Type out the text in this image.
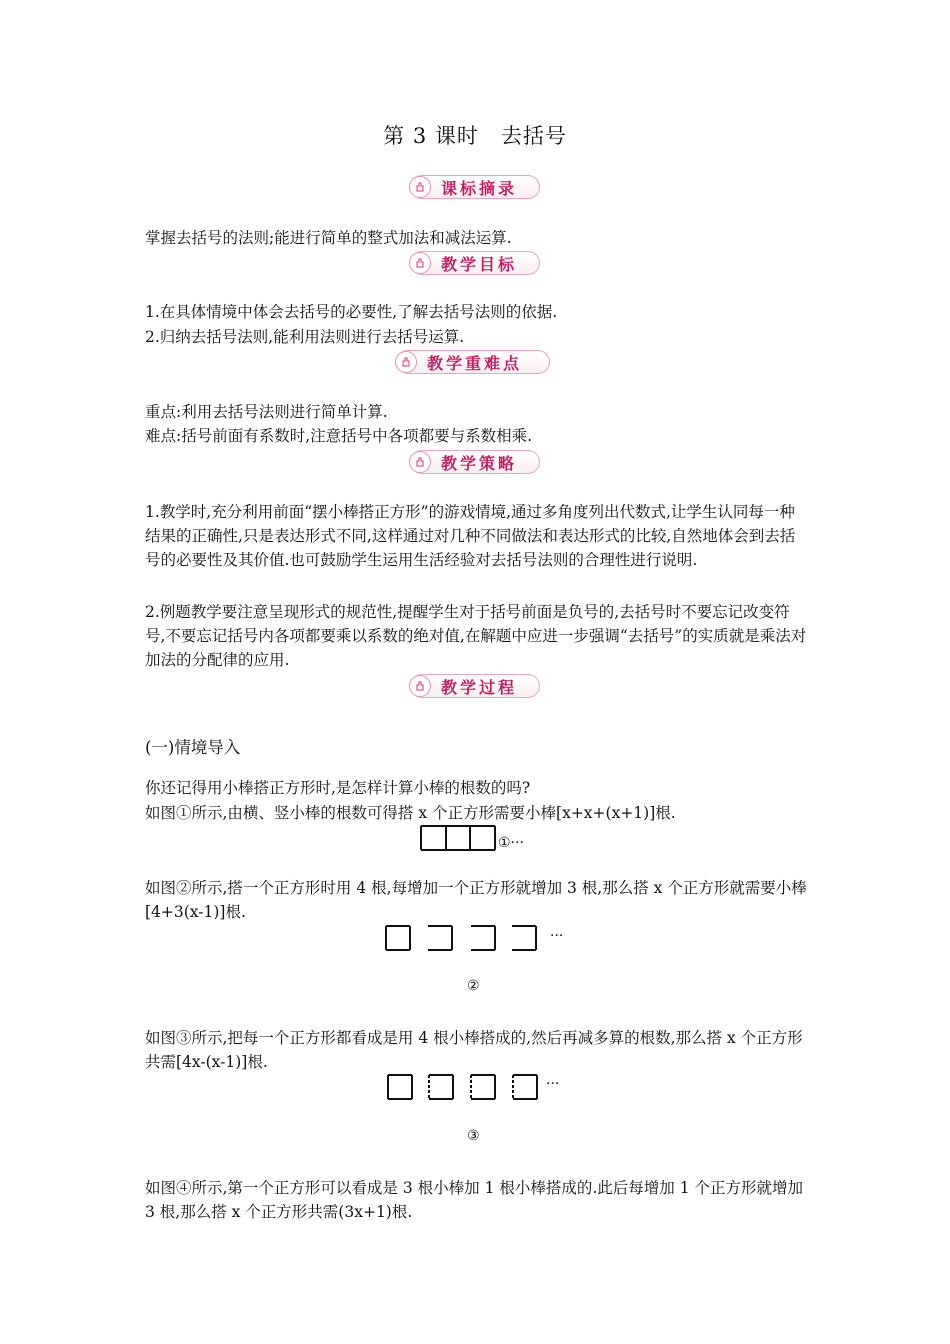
第 3 课时　去括号
课标摘录
掌握去括号的法则;能进行简单的整式加法和减法运算.
教学目标
1.在具体情境中体会去括号的必要性,了解去括号法则的依据.
2.归纳去括号法则,能利用法则进行去括号运算.
教学重难点
重点:利用去括号法则进行简单计算.
难点:括号前面有系数时,注意括号中各项都要与系数相乘.
教学策略
1.教学时,充分利用前面“摆小棒搭正方形”的游戏情境,通过多角度列出代数式,让学生认同每一种结果的正确性,只是表达形式不同,这样通过对几种不同做法和表达形式的比较,自然地体会到去括号的必要性及其价值.也可鼓励学生运用生活经验对去括号法则的合理性进行说明.
2.例题教学要注意呈现形式的规范性,提醒学生对于括号前面是负号的,去括号时不要忘记改变符号,不要忘记括号内各项都要乘以系数的绝对值,在解题中应进一步强调“去括号”的实质就是乘法对加法的分配律的应用.
教学过程
(一)情境导入
你还记得用小棒搭正方形时,是怎样计算小棒的根数的吗?
如图①所示,由横、竖小棒的根数可得搭 x 个正方形需要小棒[x+x+(x+1)]根.
①···
如图②所示,搭一个正方形时用 4 根,每增加一个正方形就增加 3 根,那么搭 x 个正方形就需要小棒[4+3(x-1)]根.
···
②
如图③所示,把每一个正方形都看成是用 4 根小棒搭成的,然后再减多算的根数,那么搭 x 个正方形共需[4x-(x-1)]根.
···
③
如图④所示,第一个正方形可以看成是 3 根小棒加 1 根小棒搭成的.此后每增加 1 个正方形就增加 3 根,那么搭 x 个正方形共需(3x+1)根.
